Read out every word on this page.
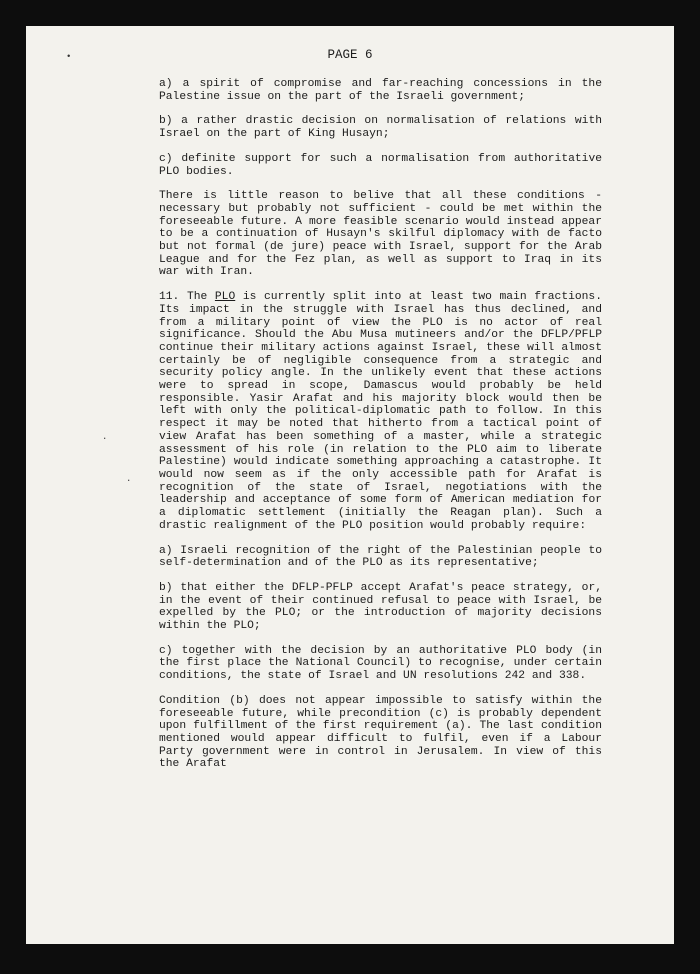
•
·
·
PAGE 6

a) a spirit of compromise and far-reaching concessions in the Palestine issue on the part of the Israeli government;

b) a rather drastic decision on normalisation of relations with Israel on the part of King Husayn;

c) definite support for such a normalisation from authoritative PLO bodies.

There is little reason to belive that all these conditions - necessary but probably not sufficient - could be met within the foreseeable future. A more feasible scenario would instead appear to be a continuation of Husayn's skilful diplomacy with de facto but not formal (de jure) peace with Israel, support for the Arab League and for the Fez plan, as well as support to Iraq in its war with Iran.

11. The PLO is currently split into at least two main fractions. Its impact in the struggle with Israel has thus declined, and from a military point of view the PLO is no actor of real significance. Should the Abu Musa mutineers and/or the DFLP/PFLP continue their military actions against Israel, these will almost certainly be of negligible consequence from a strategic and security policy angle. In the unlikely event that these actions were to spread in scope, Damascus would probably be held responsible. Yasir Arafat and his majority block would then be left with only the political-diplomatic path to follow. In this respect it may be noted that hitherto from a tactical point of view Arafat has been something of a master, while a strategic assessment of his role (in relation to the PLO aim to liberate Palestine) would indicate something approaching a catastrophe. It would now seem as if the only accessible path for Arafat is recognition of the state of Israel, negotiations with the leadership and acceptance of some form of American mediation for a diplomatic settlement (initially the Reagan plan). Such a drastic realignment of the PLO position would probably require:

a) Israeli recognition of the right of the Palestinian people to self-determination and of the PLO as its representative;

b) that either the DFLP-PFLP accept Arafat's peace strategy, or, in the event of their continued refusal to peace with Israel, be expelled by the PLO; or the introduction of majority decisions within the PLO;

c) together with the decision by an authoritative PLO body (in the first place the National Council) to recognise, under certain conditions, the state of Israel and UN resolutions 242 and 338.

Condition (b) does not appear impossible to satisfy within the foreseeable future, while precondition (c) is probably dependent upon fulfillment of the first requirement (a). The last condition mentioned would appear difficult to fulfil, even if a Labour Party government were in control in Jerusalem. In view of this the Arafat
